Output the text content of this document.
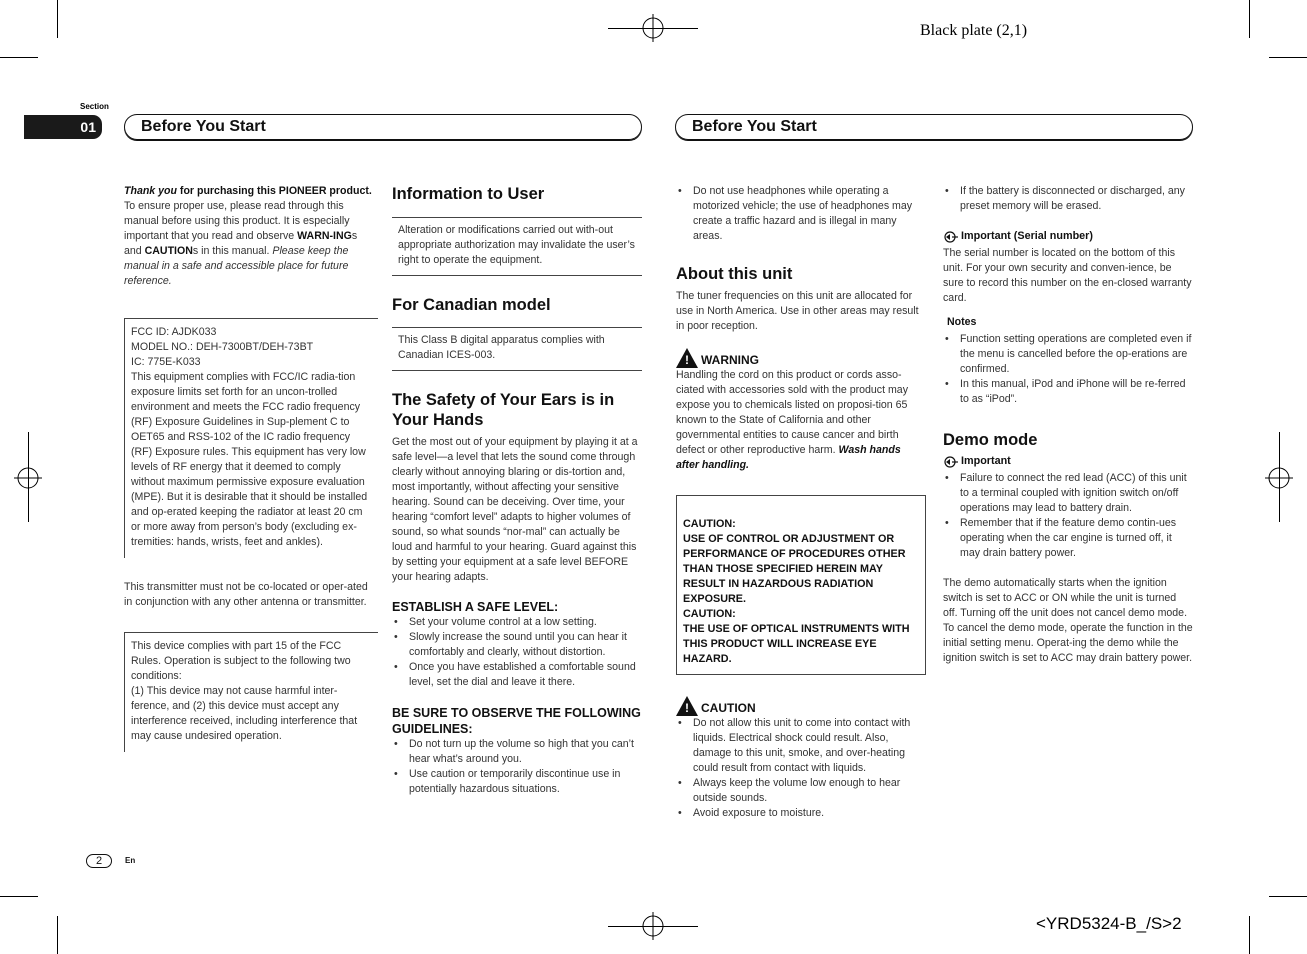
Black plate (2,1)
<YRD5324-B_/S>2
Section
01	Before You Start	Before You Start

Thank you for purchasing this PIONEER product.

To ensure proper use, please read through this manual before using this product. It is especially important that you read and observe WARN-INGs and CAUTIONs in this manual. Please keep the manual in a safe and accessible place for future reference.

FCC ID: AJDK033

MODEL NO.: DEH-7300BT/DEH-73BT

IC: 775E-K033

This equipment complies with FCC/IC radia-tion exposure limits set forth for an uncon-trolled environment and meets the FCC radio frequency (RF) Exposure Guidelines in Sup-plement C to OET65 and RSS-102 of the IC radio frequency (RF) Exposure rules. This equipment has very low levels of RF energy that it deemed to comply without maximum permissive exposure evaluation (MPE). But it is desirable that it should be installed and op-erated keeping the radiator at least 20 cm or more away from person’s body (excluding ex-tremities: hands, wrists, feet and ankles).

This transmitter must not be co-located or oper-ated in conjunction with any other antenna or transmitter.

This device complies with part 15 of the FCC Rules. Operation is subject to the following two conditions:

(1) This device may not cause harmful inter-ference, and (2) this device must accept any interference received, including interference that may cause undesired operation.

Information to User

Alteration or modifications carried out with-out appropriate authorization may invalidate the user’s right to operate the equipment.

For Canadian model

This Class B digital apparatus complies with Canadian ICES-003.

The Safety of Your Ears is in Your Hands

Get the most out of your equipment by playing it at a safe level—a level that lets the sound come through clearly without annoying blaring or dis-tortion and, most importantly, without affecting your sensitive hearing. Sound can be deceiving. Over time, your hearing “comfort level” adapts to higher volumes of sound, so what sounds “nor-mal” can actually be loud and harmful to your hearing. Guard against this by setting your equipment at a safe level BEFORE your hearing adapts.

ESTABLISH A SAFE LEVEL:
• Set your volume control at a low setting.
• Slowly increase the sound until you can hear it comfortably and clearly, without distortion.
• Once you have established a comfortable sound level, set the dial and leave it there.
BE SURE TO OBSERVE THE FOLLOWING GUIDELINES:
• Do not turn up the volume so high that you can’t hear what’s around you.
• Use caution or temporarily discontinue use in potentially hazardous situations.
• Do not use headphones while operating a motorized vehicle; the use of headphones may create a traffic hazard and is illegal in many areas.
About this unit

The tuner frequencies on this unit are allocated for use in North America. Use in other areas may result in poor reception.

! WARNING

Handling the cord on this product or cords asso-ciated with accessories sold with the product may expose you to chemicals listed on proposi-tion 65 known to the State of California and other governmental entities to cause cancer and birth defect or other reproductive harm. Wash hands after handling.

CAUTION:
USE OF CONTROL OR ADJUSTMENT OR PERFORMANCE OF PROCEDURES OTHER THAN THOSE SPECIFIED HEREIN MAY RESULT IN HAZARDOUS RADIATION EXPOSURE.
CAUTION:
THE USE OF OPTICAL INSTRUMENTS WITH THIS PRODUCT WILL INCREASE EYE HAZARD.

! CAUTION
• Do not allow this unit to come into contact with liquids. Electrical shock could result. Also, damage to this unit, smoke, and over-heating could result from contact with liquids.
• Always keep the volume low enough to hear outside sounds.
• Avoid exposure to moisture.
• If the battery is disconnected or discharged, any preset memory will be erased.
Important (Serial number)

The serial number is located on the bottom of this unit. For your own security and conven-ience, be sure to record this number on the en-closed warranty card.

Notes
• Function setting operations are completed even if the menu is cancelled before the op-erations are confirmed.
• In this manual, iPod and iPhone will be re-ferred to as “iPod”.
Demo mode
Important
• Failure to connect the red lead (ACC) of this unit to a terminal coupled with ignition switch on/off operations may lead to battery drain.
• Remember that if the feature demo contin-ues operating when the car engine is turned off, it may drain battery power.

The demo automatically starts when the ignition switch is set to ACC or ON while the unit is turned off. Turning off the unit does not cancel demo mode. To cancel the demo mode, operate the function in the initial setting menu. Operat-ing the demo while the ignition switch is set to ACC may drain battery power.

2	En
